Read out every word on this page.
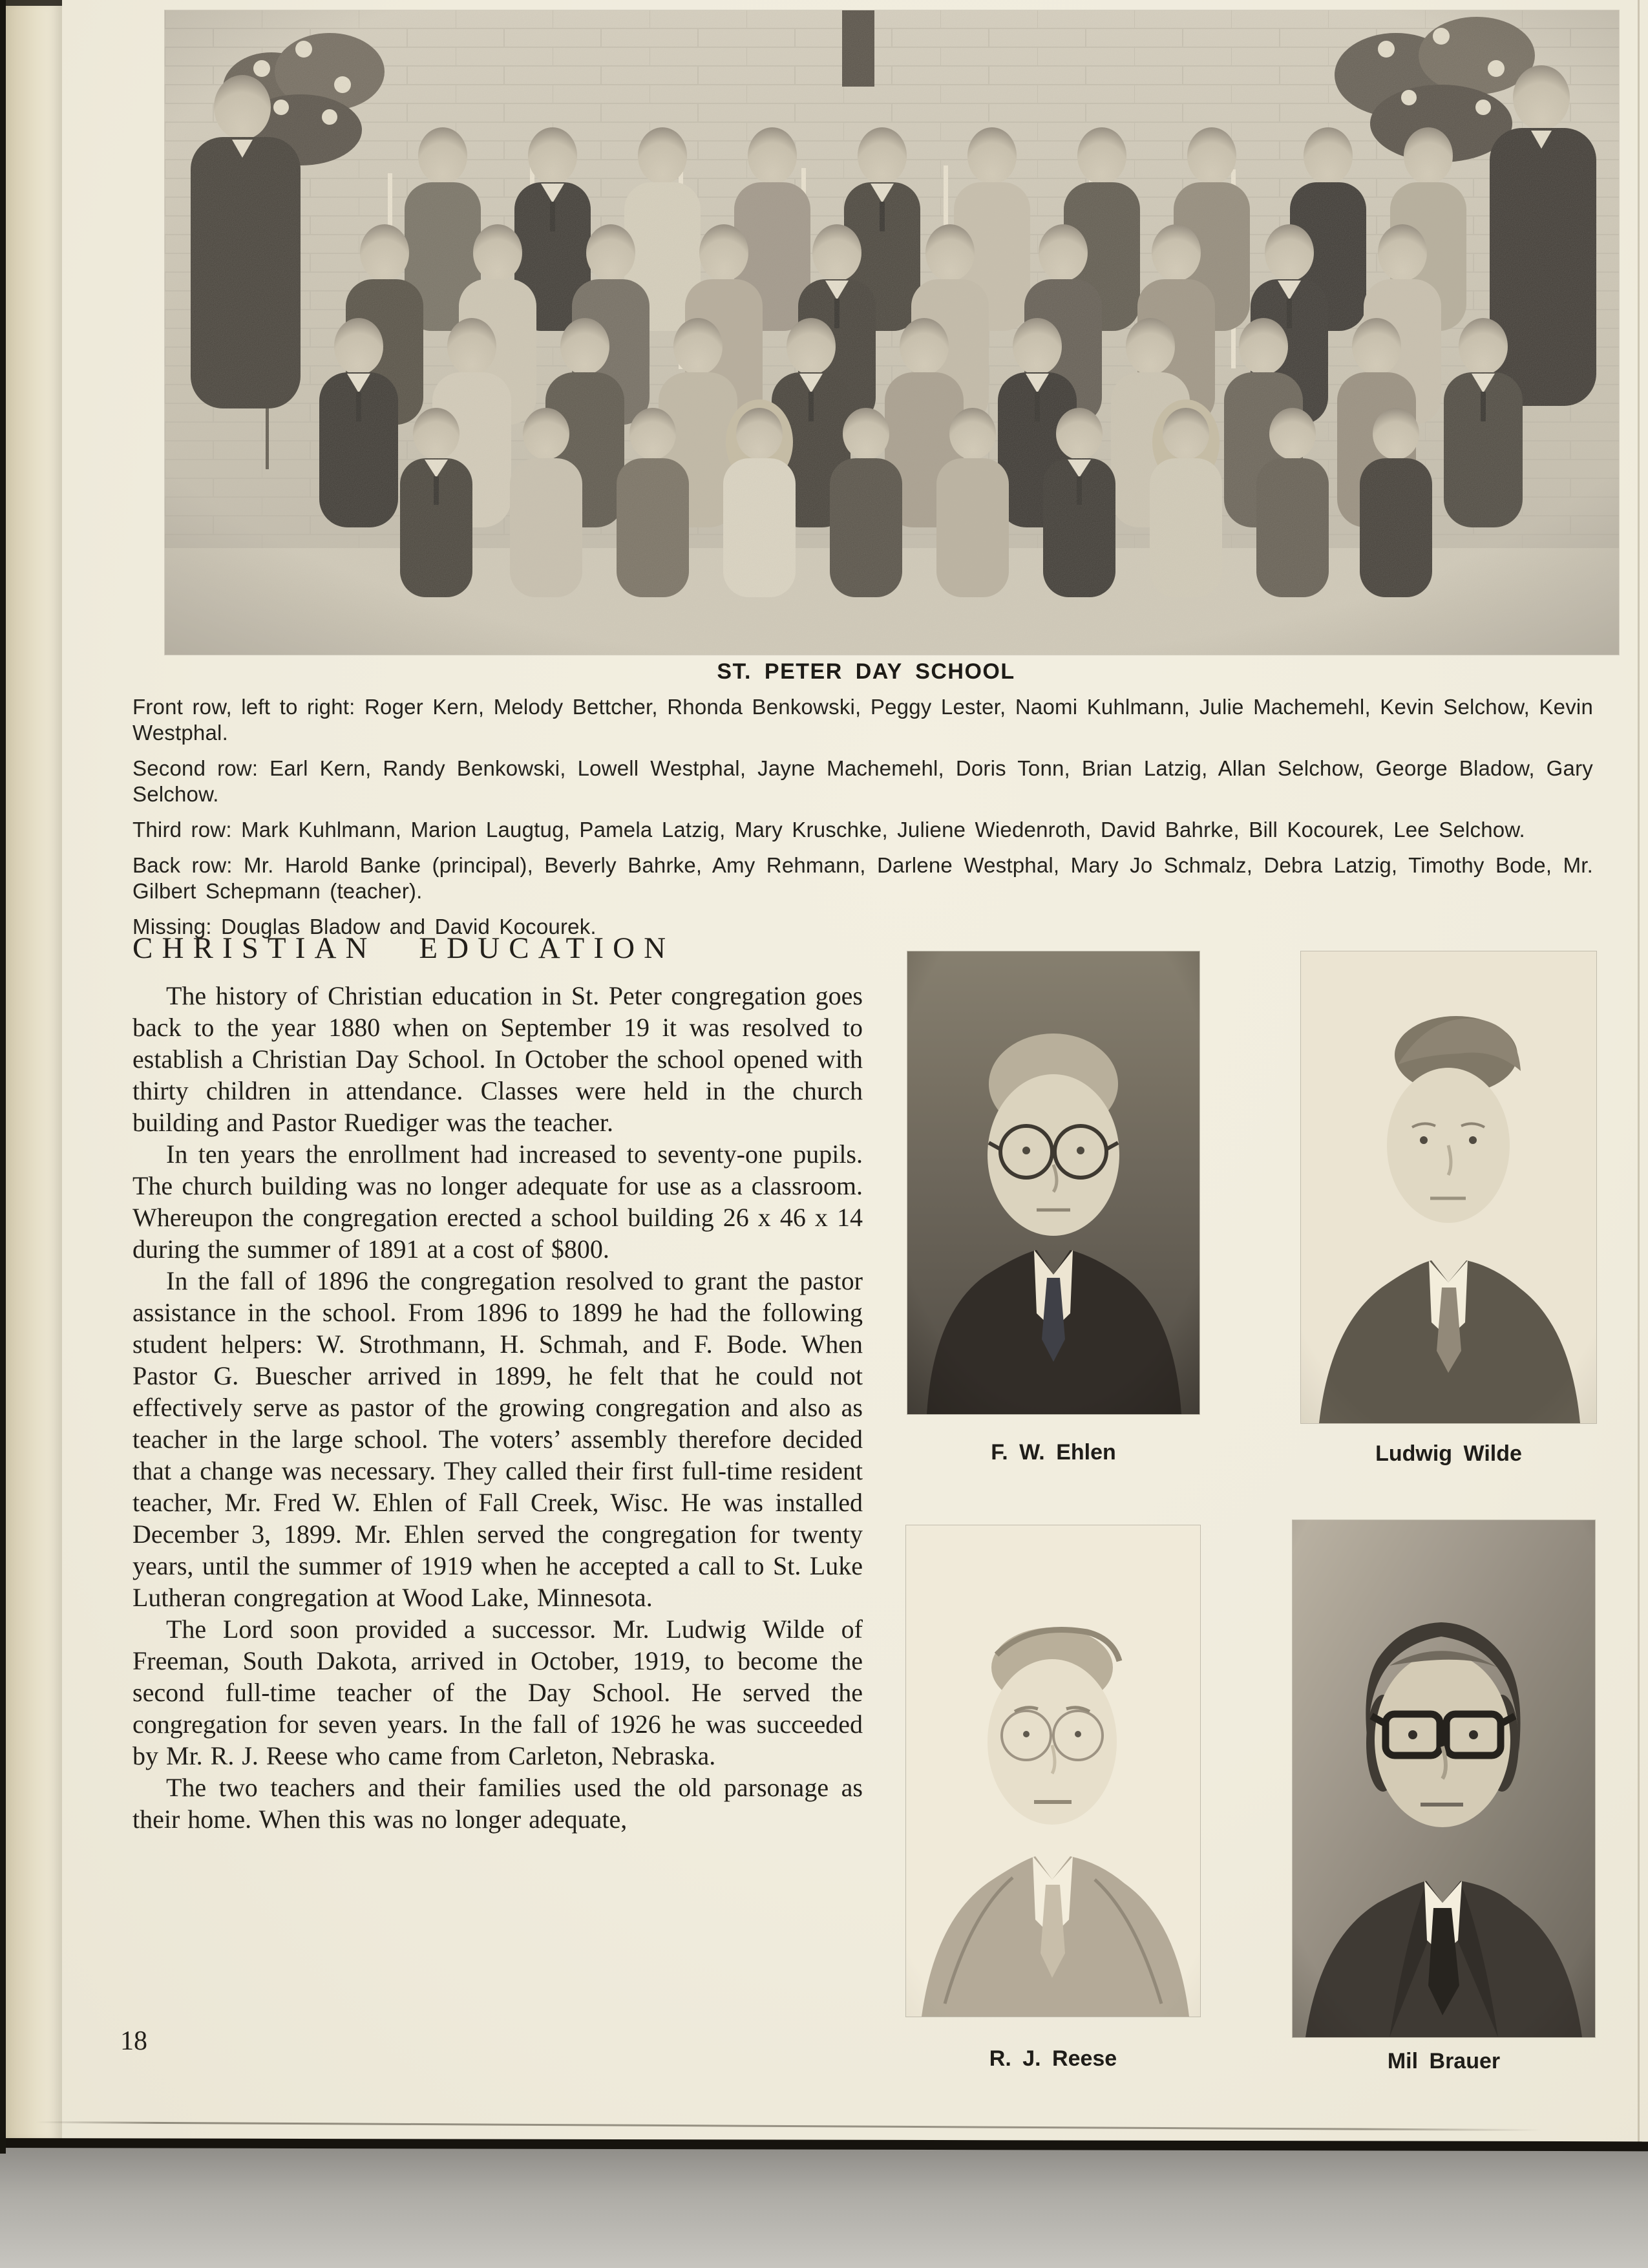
ST. PETER DAY SCHOOL

Front row, left to right: Roger Kern, Melody Bettcher, Rhonda Benkowski, Peggy Lester, Naomi Kuhlmann, Julie Machemehl, Kevin Selchow, Kevin Westphal.

Second row: Earl Kern, Randy Benkowski, Lowell Westphal, Jayne Machemehl, Doris Tonn, Brian Latzig, Allan Selchow, George Bladow, Gary Selchow.

Third row: Mark Kuhlmann, Marion Laugtug, Pamela Latzig, Mary Kruschke, Juliene Wiedenroth, David Bahrke, Bill Kocourek, Lee Selchow.

Back row: Mr. Harold Banke (principal), Beverly Bahrke, Amy Rehmann, Darlene Westphal, Mary Jo Schmalz, Debra Latzig, Timothy Bode, Mr. Gilbert Schepmann (teacher).

Missing: Douglas Bladow and David Kocourek.

CHRISTIAN EDUCATION

The history of Christian education in St. Peter congregation goes back to the year 1880 when on September 19 it was resolved to establish a Christian Day School. In October the school opened with thirty children in attendance. Classes were held in the church building and Pastor Ruediger was the teacher.

In ten years the enrollment had increased to seventy-one pupils. The church building was no longer adequate for use as a classroom. Whereupon the congregation erected a school building 26 x 46 x 14 during the summer of 1891 at a cost of $800.

In the fall of 1896 the congregation resolved to grant the pastor assistance in the school. From 1896 to 1899 he had the following student helpers: W. Strothmann, H. Schmah, and F. Bode. When Pastor G. Buescher arrived in 1899, he felt that he could not effectively serve as pastor of the growing congregation and also as teacher in the large school. The voters’ assembly therefore decided that a change was necessary. They called their first full-time resident teacher, Mr. Fred W. Ehlen of Fall Creek, Wisc. He was installed December 3, 1899. Mr. Ehlen served the congregation for twenty years, until the summer of 1919 when he accepted a call to St. Luke Lutheran congregation at Wood Lake, Minnesota.

The Lord soon provided a successor. Mr. Ludwig Wilde of Freeman, South Dakota, arrived in October, 1919, to become the second full-time teacher of the Day School. He served the congregation for seven years. In the fall of 1926 he was succeeded by Mr. R. J. Reese who came from Carleton, Nebraska.

The two teachers and their families used the old parsonage as their home. When this was no longer adequate,

F. W. Ehlen	Ludwig Wilde
R. J. Reese	Mil Brauer
18
